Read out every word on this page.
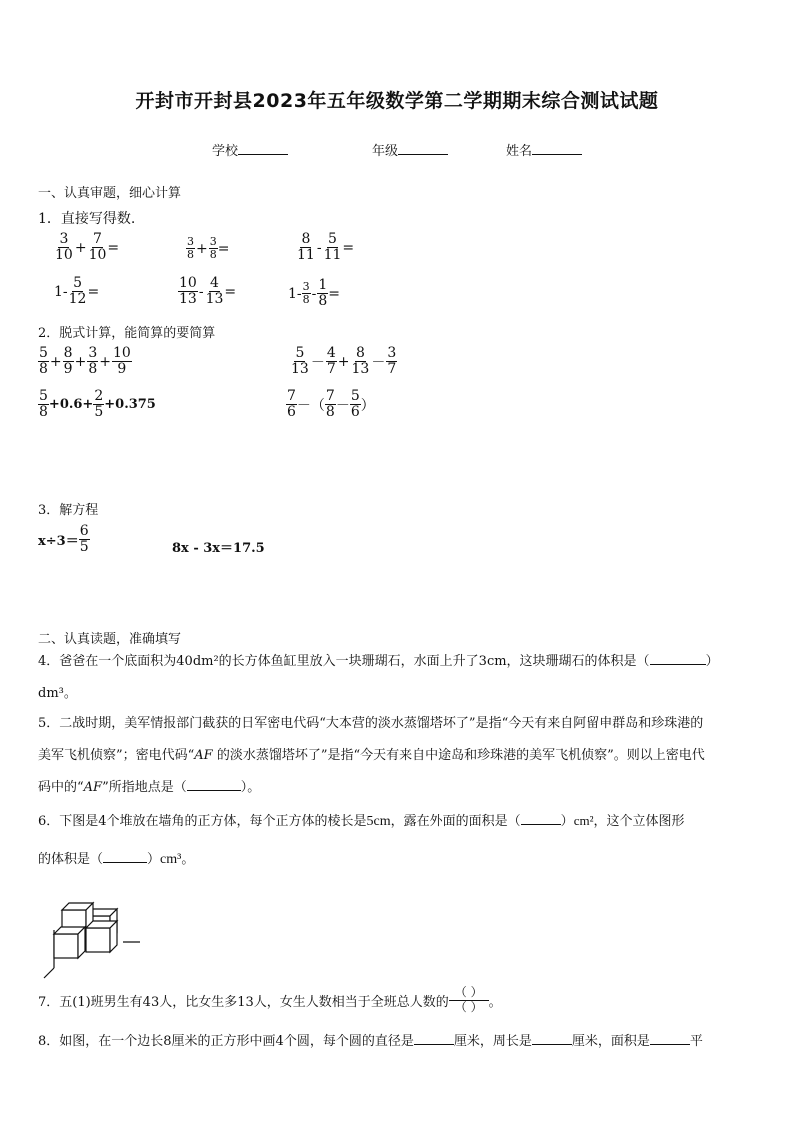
开封市开封县2023年五年级数学第二学期期末综合测试试题
学校	年级	姓名
一、认真审题，细心计算
1．直接写得数.
$\frac{3}{10} + \frac{7}{10}$ =	$\frac{3}{8} + \frac{3}{8}$ =	$\frac{8}{11} - \frac{5}{11}$ =
$1- \frac{5}{12}$ =	$\frac{10}{13} - \frac{4}{13}$ =	$1- \frac{3}{8} - \frac{1}{8}$ =
2．脱式计算，能简算的要简算
$\frac{5}{8} + \frac{8}{9} + \frac{3}{8} + \frac{10}{9}$	$\frac{5}{13} - \frac{4}{7} + \frac{8}{13} - \frac{3}{7}$
$\frac{5}{8} +0.6+ \frac{2}{5} +0.375$	$\frac{7}{6}$ －（ $\frac{7}{8} - \frac{5}{6}$ ）
3．解方程
$x\div 3= \frac{6}{5}$	8x - 3x＝17.5
二、认真读题，准确填写
4．爸爸在一个底面积为40dm²的长方体鱼缸里放入一块珊瑚石，水面上升了3cm，这块珊瑚石的体积是（	）
dm³。
5．二战时期，美军情报部门截获的日军密电代码“大本营的淡水蒸馏塔坏了”是指“今天有来自阿留申群岛和珍珠港的
美军飞机侦察”；密电代码“AF 的淡水蒸馏塔坏了”是指“今天有来自中途岛和珍珠港的美军飞机侦察”。则以上密电代
码中的“AF”所指地点是（	）。
6．下图是4个堆放在墙角的正方体，每个正方体的棱长是5cm，露在外面的面积是（	）cm²，这个立体图形
的体积是（	）cm³。
7．五(1)班男生有43人，比女生多13人，女生人数相当于全班总人数的 $\frac{( )}{( )}$ 。
8．如图，在一个边长8厘米的正方形中画4个圆，每个圆的直径是	厘米，周长是	厘米，面积是	平
